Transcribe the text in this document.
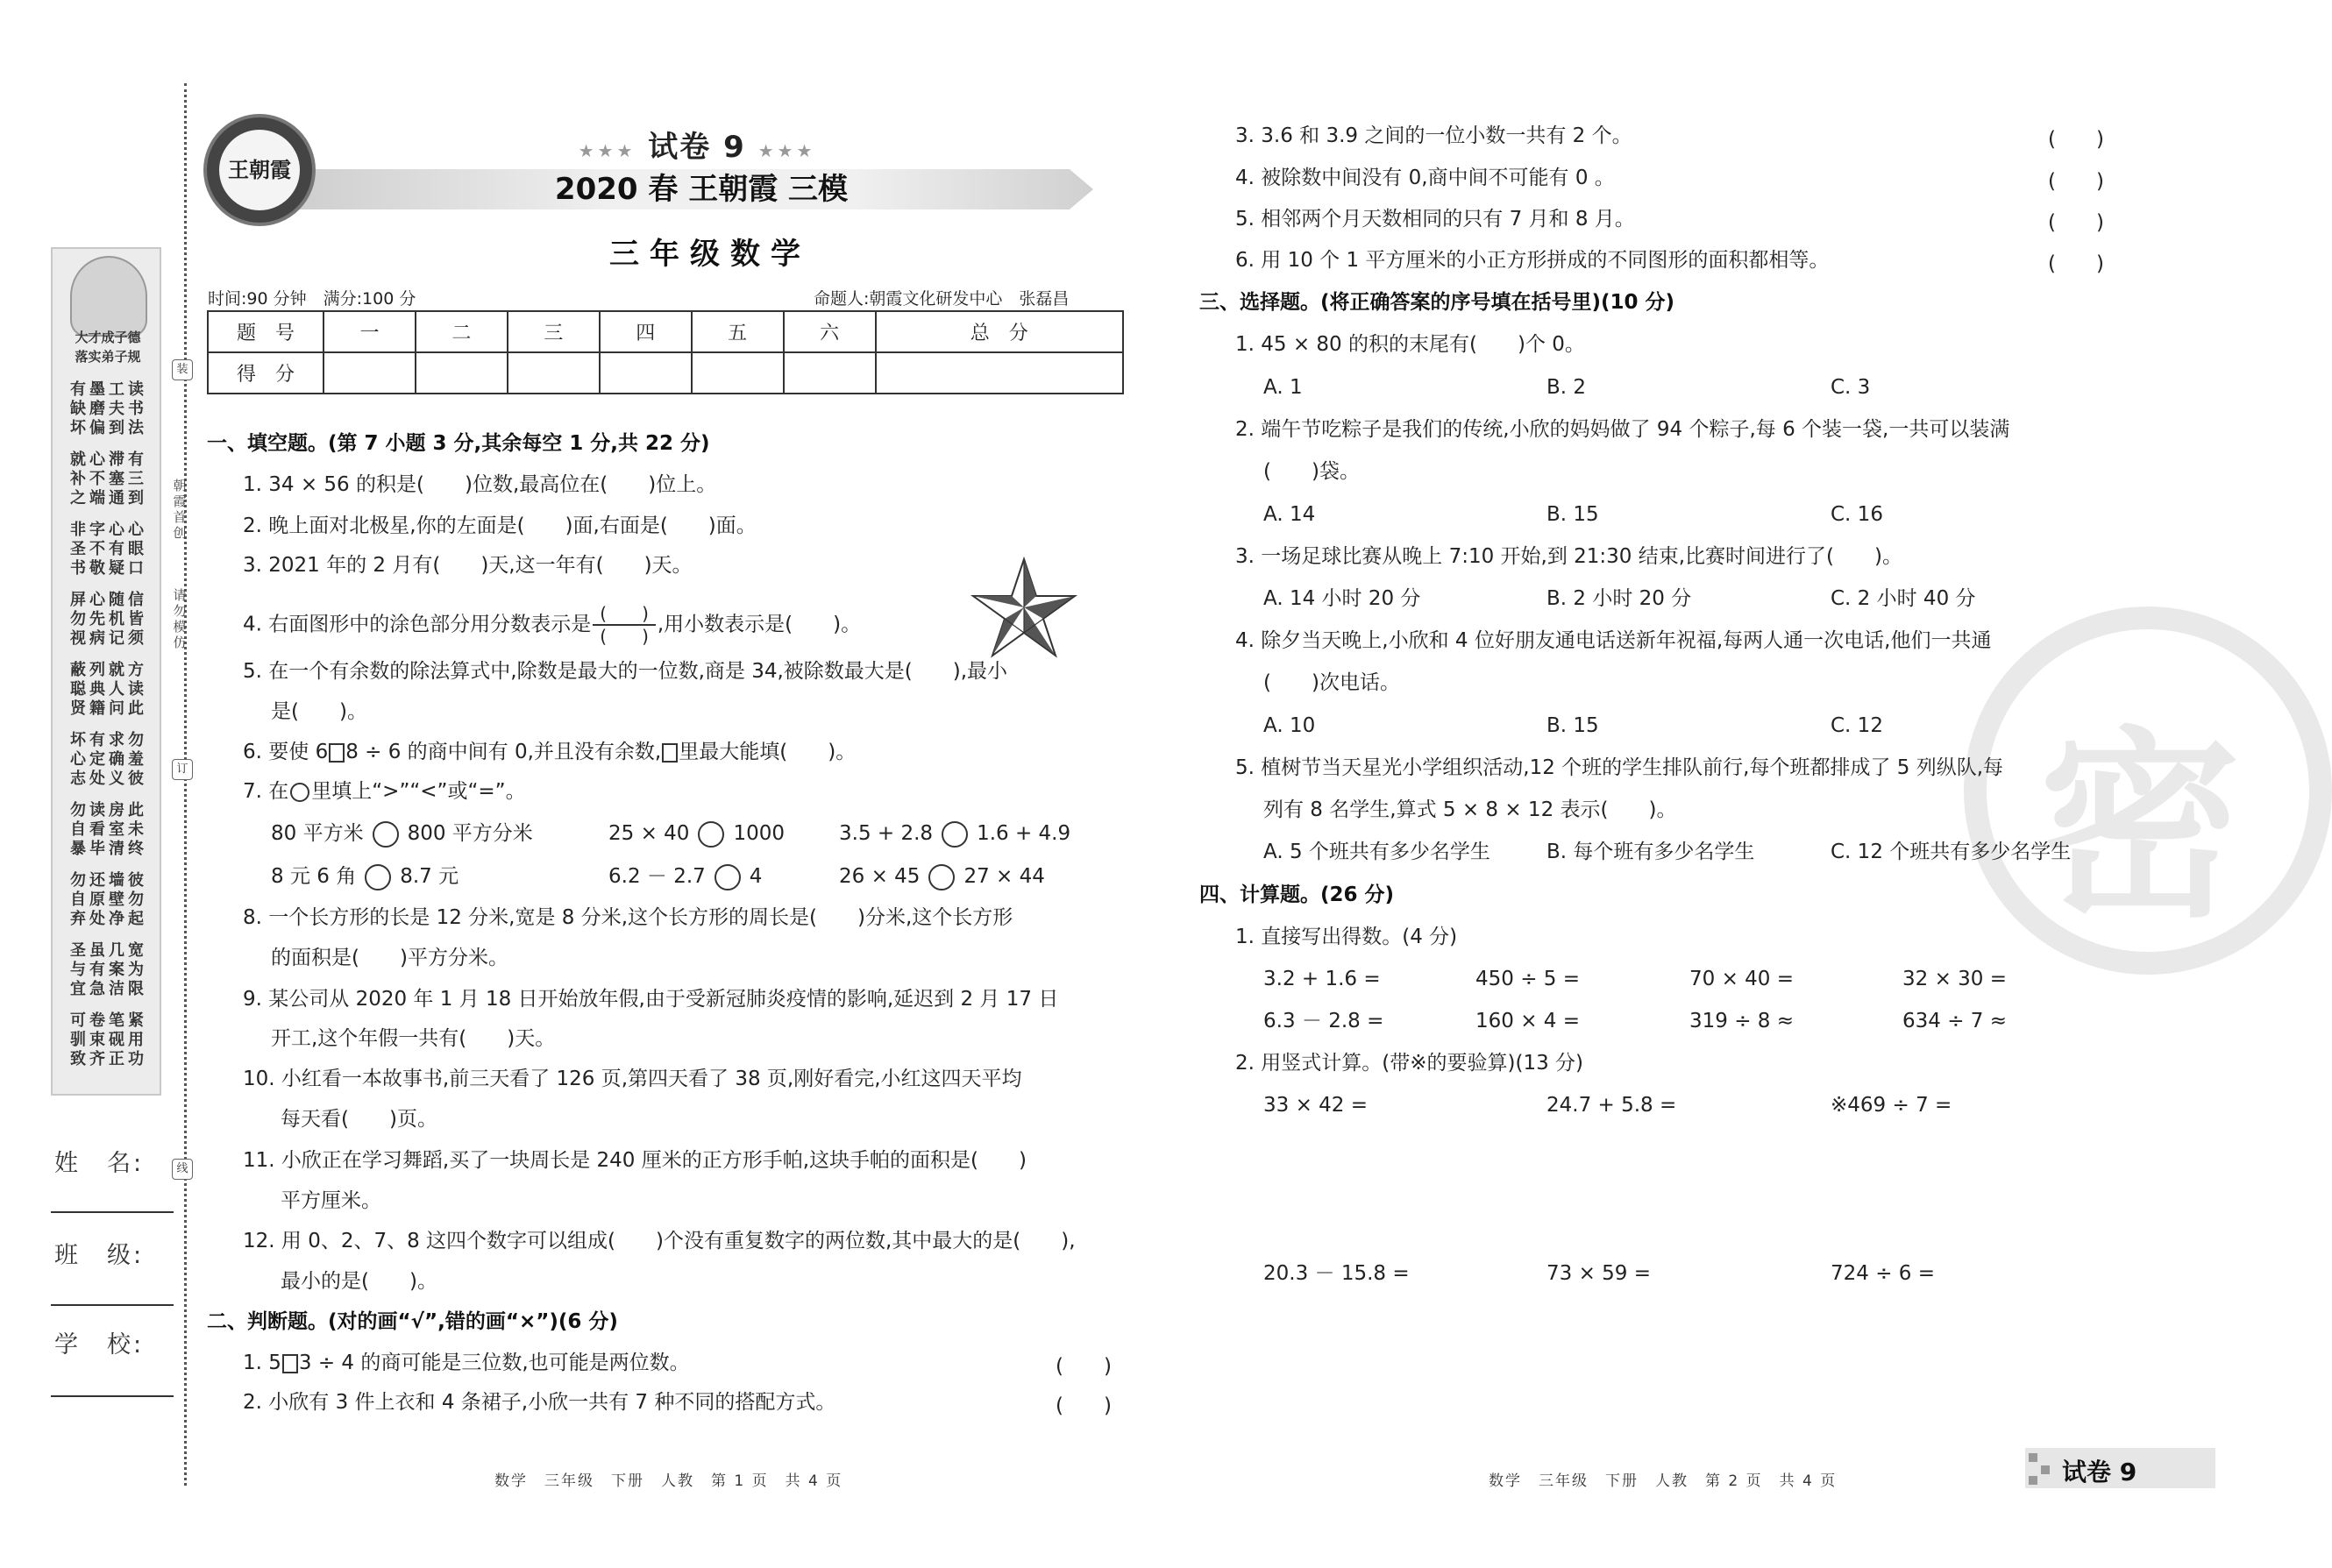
大才成子德
落实弟子规
有缺坏
墨磨偏
工夫到
读书法
就补之
心不端
滞塞通
有三到
非圣书
字不敬
心有疑
心眼口
屏勿视
心先病
随机记
信皆须
蔽聪贤
列典籍
就人问
方读此
坏心志
有定处
求确义
勿羞彼
勿自暴
读看毕
房室清
此未终
勿自弃
还原处
墙壁净
彼勿起
圣与宜
虽有急
几案洁
宽为限
可驯致
卷束齐
笔砚正
紧用功
姓　名:
班　级:
学　校:
装
朝霞首创
请勿模仿
订
线
王朝霞
★★★ 试卷 9 ★★★
2020 春 王朝霞 三模
三年级数学
时间:90 分钟　满分:100 分	命题人:朝霞文化研发中心　张磊昌
题　号	一	二	三	四	五	六	总　分
得　分							
一、填空题。(第 7 小题 3 分,其余每空 1 分,共 22 分)
1. 34 × 56 的积是(　　)位数,最高位在(　　)位上。
2. 晚上面对北极星,你的左面是(　　)面,右面是(　　)面。
3. 2021 年的 2 月有(　　)天,这一年有(　　)天。
4. 右面图形中的涂色部分用分数表示是 $\frac{( )}{( )}$ ,用小数表示是(　　)。
5. 在一个有余数的除法算式中,除数是最大的一位数,商是 34,被除数最大是(　　),最小
是(　　)。
6. 要使 6 8 ÷ 6 的商中间有 0,并且没有余数, 里最大能填(　　)。
7. 在 里填上“>”“<”或“=”。
80 平方米 800 平方分米	25 × 40 1000	3.5 + 2.8 1.6 + 4.9
8 元 6 角 8.7 元	6.2 － 2.7 4	26 × 45 27 × 44
8. 一个长方形的长是 12 分米,宽是 8 分米,这个长方形的周长是(　　)分米,这个长方形
的面积是(　　)平方分米。
9. 某公司从 2020 年 1 月 18 日开始放年假,由于受新冠肺炎疫情的影响,延迟到 2 月 17 日
开工,这个年假一共有(　　)天。
10. 小红看一本故事书,前三天看了 126 页,第四天看了 38 页,刚好看完,小红这四天平均
每天看(　　)页。
11. 小欣正在学习舞蹈,买了一块周长是 240 厘米的正方形手帕,这块手帕的面积是(　　)
平方厘米。
12. 用 0、2、7、8 这四个数字可以组成(　　)个没有重复数字的两位数,其中最大的是(　　),
最小的是(　　)。
二、判断题。(对的画“√”,错的画“×”)(6 分)
1. 5 3 ÷ 4 的商可能是三位数,也可能是两位数。	(　　)
2. 小欣有 3 件上衣和 4 条裙子,小欣一共有 7 种不同的搭配方式。	(　　)
密
3. 3.6 和 3.9 之间的一位小数一共有 2 个。	(　　)
4. 被除数中间没有 0,商中间不可能有 0 。	(　　)
5. 相邻两个月天数相同的只有 7 月和 8 月。	(　　)
6. 用 10 个 1 平方厘米的小正方形拼成的不同图形的面积都相等。	(　　)
三、选择题。(将正确答案的序号填在括号里)(10 分)
1. 45 × 80 的积的末尾有(　　)个 0。
A. 1	B. 2	C. 3
2. 端午节吃粽子是我们的传统,小欣的妈妈做了 94 个粽子,每 6 个装一袋,一共可以装满
(　　)袋。
A. 14	B. 15	C. 16
3. 一场足球比赛从晚上 7:10 开始,到 21:30 结束,比赛时间进行了(　　)。
A. 14 小时 20 分	B. 2 小时 20 分	C. 2 小时 40 分
4. 除夕当天晚上,小欣和 4 位好朋友通电话送新年祝福,每两人通一次电话,他们一共通
(　　)次电话。
A. 10	B. 15	C. 12
5. 植树节当天星光小学组织活动,12 个班的学生排队前行,每个班都排成了 5 列纵队,每
列有 8 名学生,算式 5 × 8 × 12 表示(　　)。
A. 5 个班共有多少名学生	B. 每个班有多少名学生	C. 12 个班共有多少名学生
四、计算题。(26 分)
1. 直接写出得数。(4 分)
3.2 + 1.6 =	450 ÷ 5 =	70 × 40 =	32 × 30 =
6.3 － 2.8 =	160 × 4 =	319 ÷ 8 ≈	634 ÷ 7 ≈
2. 用竖式计算。(带※的要验算)(13 分)
33 × 42 =	24.7 + 5.8 =	※469 ÷ 7 =
20.3 － 15.8 =	73 × 59 =	724 ÷ 6 =
数学　三年级　下册　人教　第 1 页　共 4 页	数学　三年级　下册　人教　第 2 页　共 4 页	试卷 9
